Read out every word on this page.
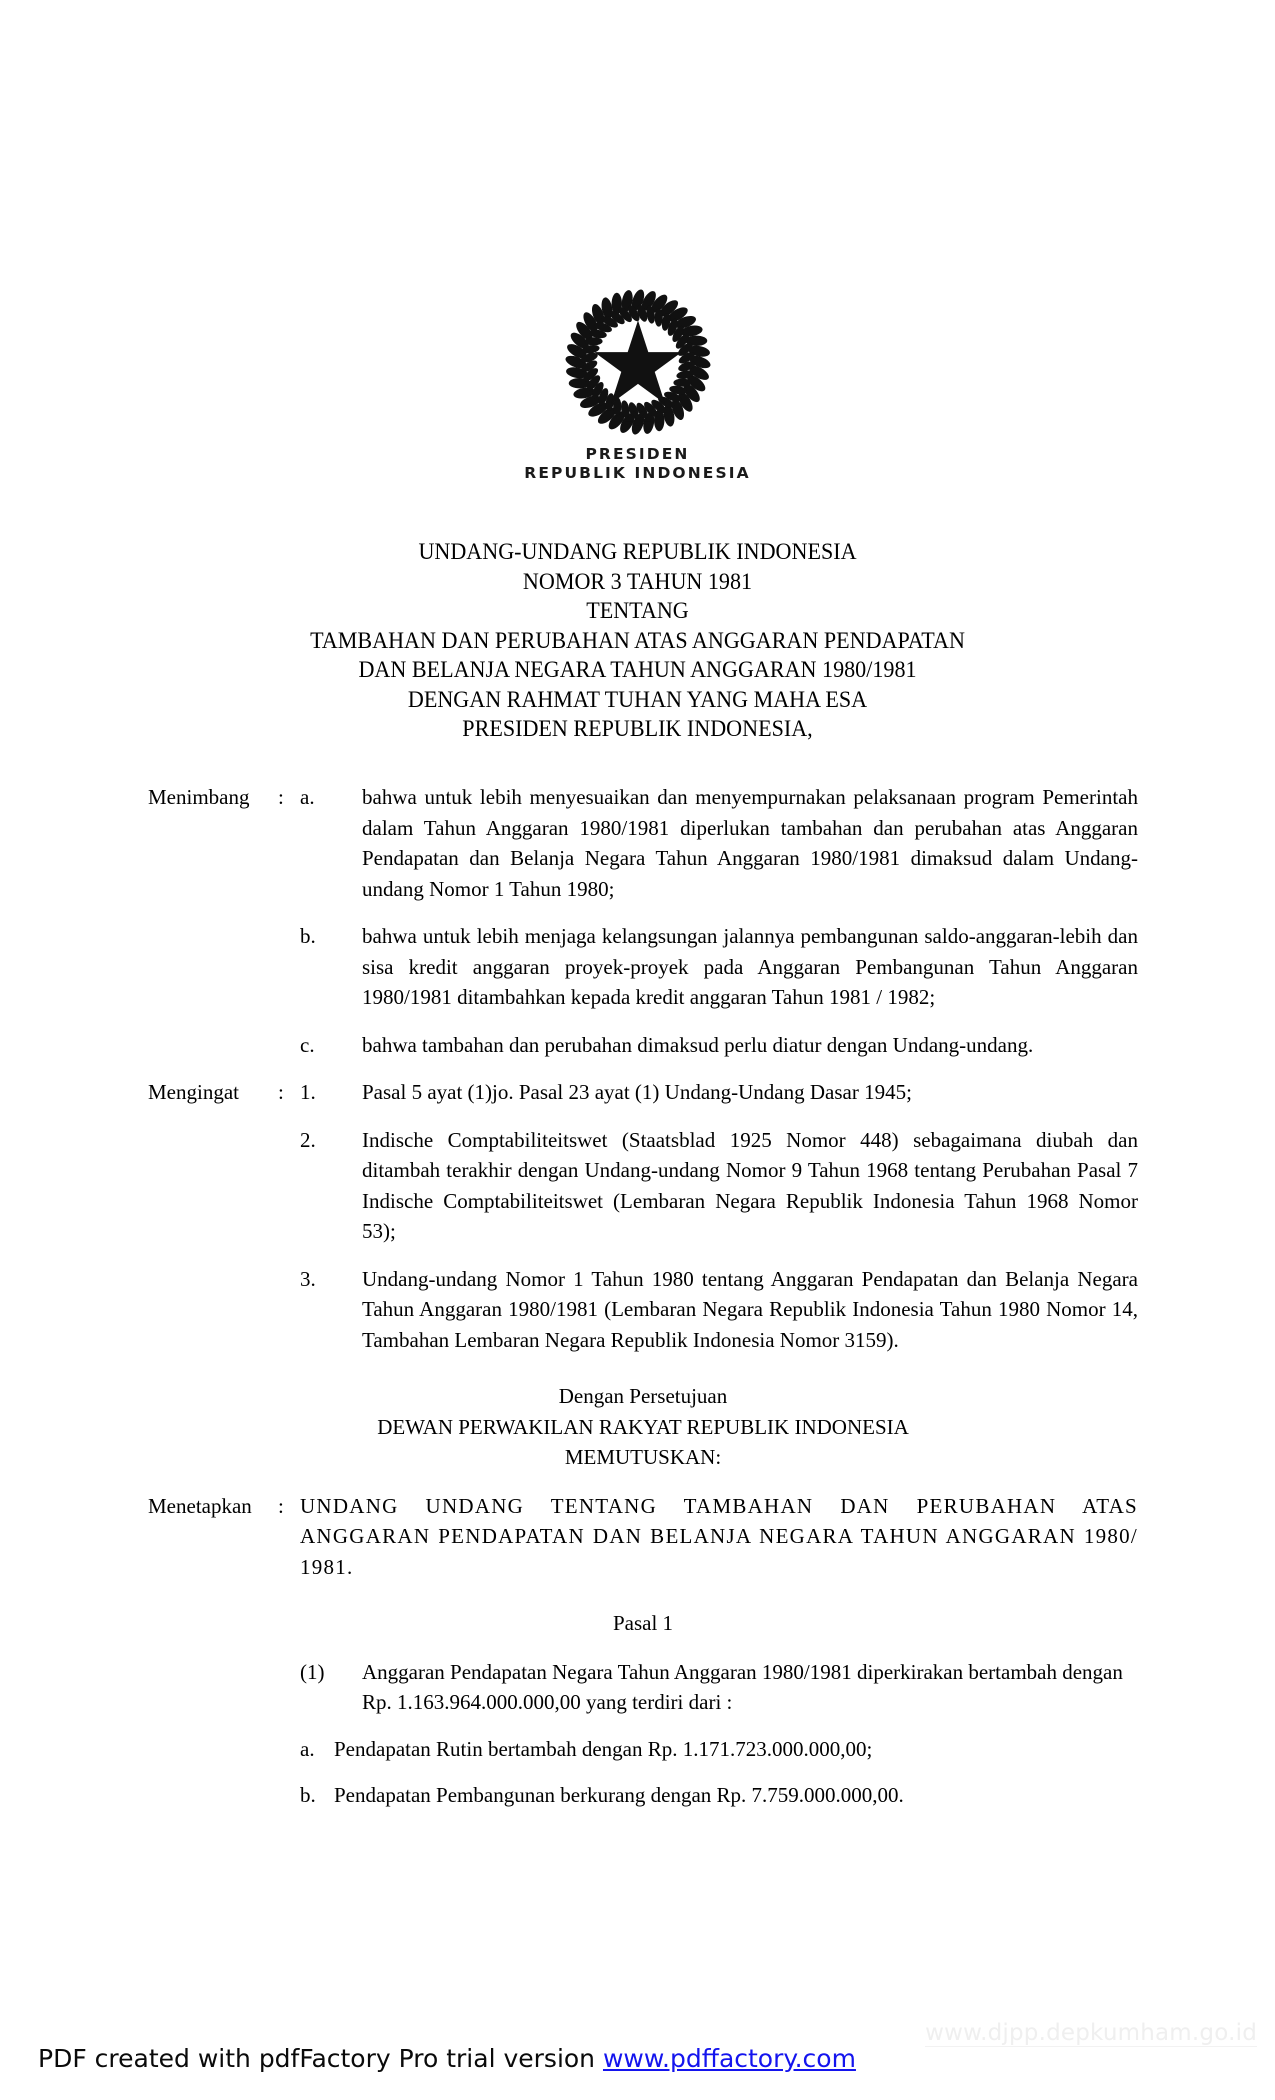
PRESIDEN
REPUBLIK INDONESIA
UNDANG-UNDANG REPUBLIK INDONESIA
NOMOR 3 TAHUN 1981
TENTANG
TAMBAHAN DAN PERUBAHAN ATAS ANGGARAN PENDAPATAN
DAN BELANJA NEGARA TAHUN ANGGARAN 1980/1981
DENGAN RAHMAT TUHAN YANG MAHA ESA
PRESIDEN REPUBLIK INDONESIA,
Menimbang	: a.	bahwa untuk lebih menyesuaikan dan menyempurnakan pelaksanaan program Pemerintah dalam Tahun Anggaran 1980/1981 diperlukan tambahan dan perubahan atas Anggaran Pendapatan dan Belanja Negara Tahun Anggaran 1980/1981 dimaksud dalam Undang-undang Nomor 1 Tahun 1980;
b.	bahwa untuk lebih menjaga kelangsungan jalannya pembangunan saldo-anggaran-lebih dan sisa kredit anggaran proyek-proyek pada Anggaran Pembangunan Tahun Anggaran 1980/1981 ditambahkan kepada kredit anggaran Tahun 1981 / 1982;
c.	bahwa tambahan dan perubahan dimaksud perlu diatur dengan Undang-undang.
Mengingat	: 1.	Pasal 5 ayat (1)jo. Pasal 23 ayat (1) Undang-Undang Dasar 1945;
2.	Indische Comptabiliteitswet (Staatsblad 1925 Nomor 448) sebagaimana diubah dan ditambah terakhir dengan Undang-undang Nomor 9 Tahun 1968 tentang Perubahan Pasal 7 Indische Comptabiliteitswet (Lembaran Negara Republik Indonesia Tahun 1968 Nomor 53);
3.	Undang-undang Nomor 1 Tahun 1980 tentang Anggaran Pendapatan dan Belanja Negara Tahun Anggaran 1980/1981 (Lembaran Negara Republik Indonesia Tahun 1980 Nomor 14, Tambahan Lembaran Negara Republik Indonesia Nomor 3159).
Dengan Persetujuan
DEWAN PERWAKILAN RAKYAT REPUBLIK INDONESIA
MEMUTUSKAN:
Menetapkan	: UNDANG UNDANG TENTANG TAMBAHAN DAN PERUBAHAN ATAS ANGGARAN PENDAPATAN DAN BELANJA NEGARA TAHUN ANGGARAN 1980/ 1981.
Pasal 1
(1)	Anggaran Pendapatan Negara Tahun Anggaran 1980/1981 diperkirakan bertambah dengan Rp. 1.163.964.000.000,00 yang terdiri dari :
a. Pendapatan Rutin bertambah dengan Rp. 1.171.723.000.000,00;
b. Pendapatan Pembangunan berkurang dengan Rp. 7.759.000.000,00.
www.djpp.depkumham.go.id
PDF created with pdfFactory Pro trial version www.pdffactory.com
